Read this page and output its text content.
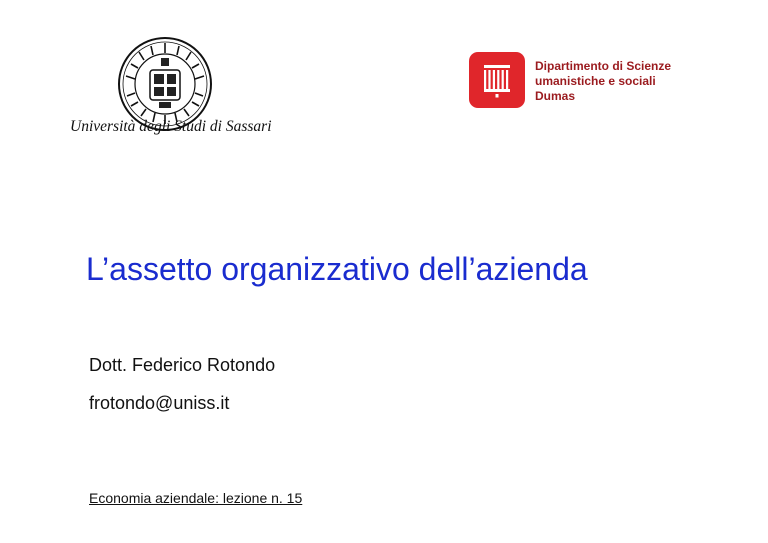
Università degli Studi di Sassari
Dipartimento di Scienze
umanistiche e sociali
Dumas
L’assetto organizzativo dell’azienda
Dott. Federico Rotondo
frotondo@uniss.it
Economia aziendale: lezione n. 15
